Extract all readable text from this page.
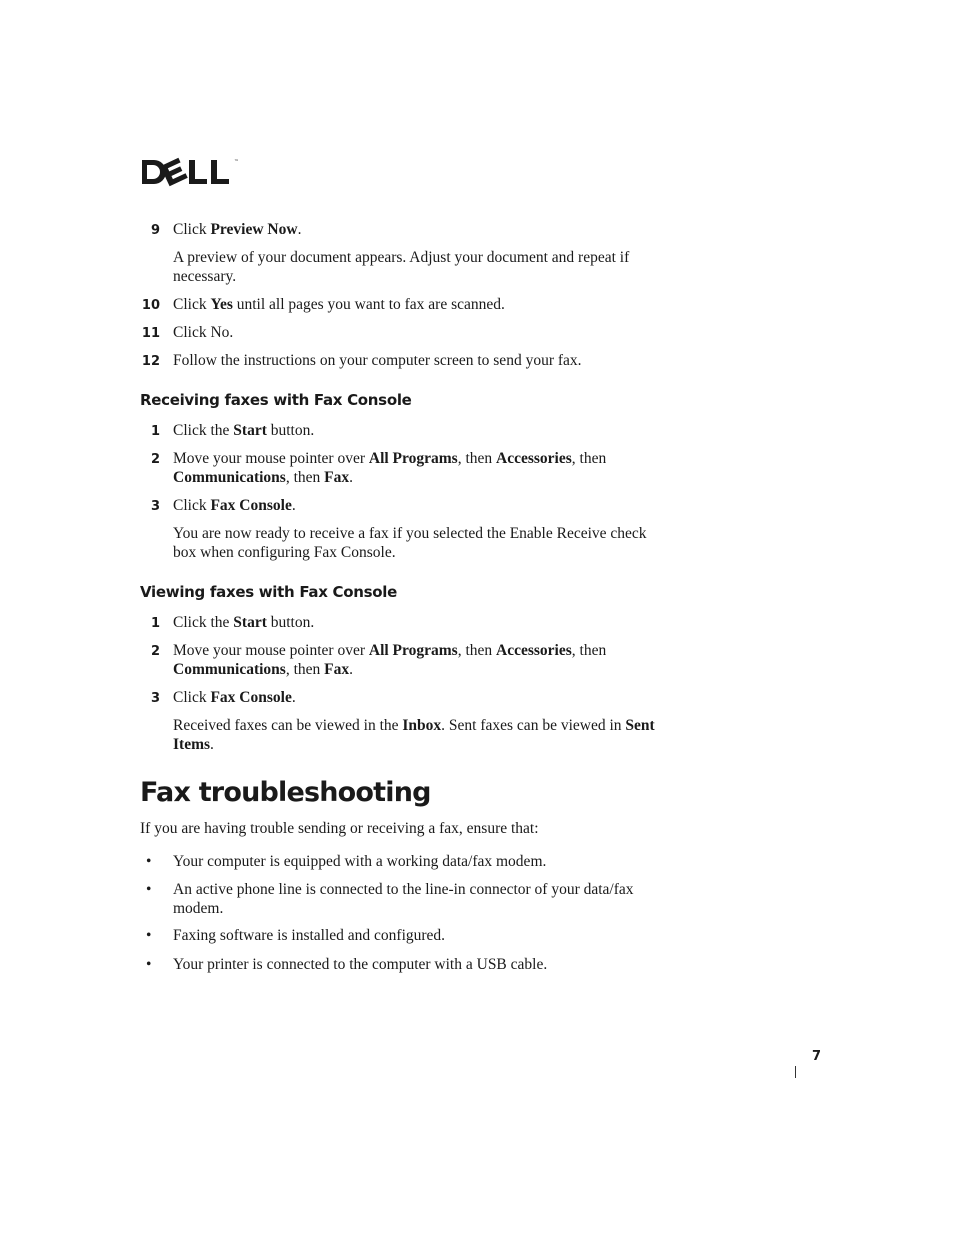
™
9 Click Preview Now.
A preview of your document appears. Adjust your document and repeat if necessary.
10 Click Yes until all pages you want to fax are scanned.
11 Click No.
12 Follow the instructions on your computer screen to send your fax.
Receiving faxes with Fax Console
1 Click the Start button.
2 Move your mouse pointer over All Programs, then Accessories, then Communications, then Fax.
3 Click Fax Console.
You are now ready to receive a fax if you selected the Enable Receive check box when configuring Fax Console.
Viewing faxes with Fax Console
1 Click the Start button.
2 Move your mouse pointer over All Programs, then Accessories, then Communications, then Fax.
3 Click Fax Console.
Received faxes can be viewed in the Inbox. Sent faxes can be viewed in Sent Items.
Fax troubleshooting
If you are having trouble sending or receiving a fax, ensure that:
• Your computer is equipped with a working data/fax modem.
• An active phone line is connected to the line-in connector of your data/fax modem.
• Faxing software is installed and configured.
• Your printer is connected to the computer with a USB cable.
7
